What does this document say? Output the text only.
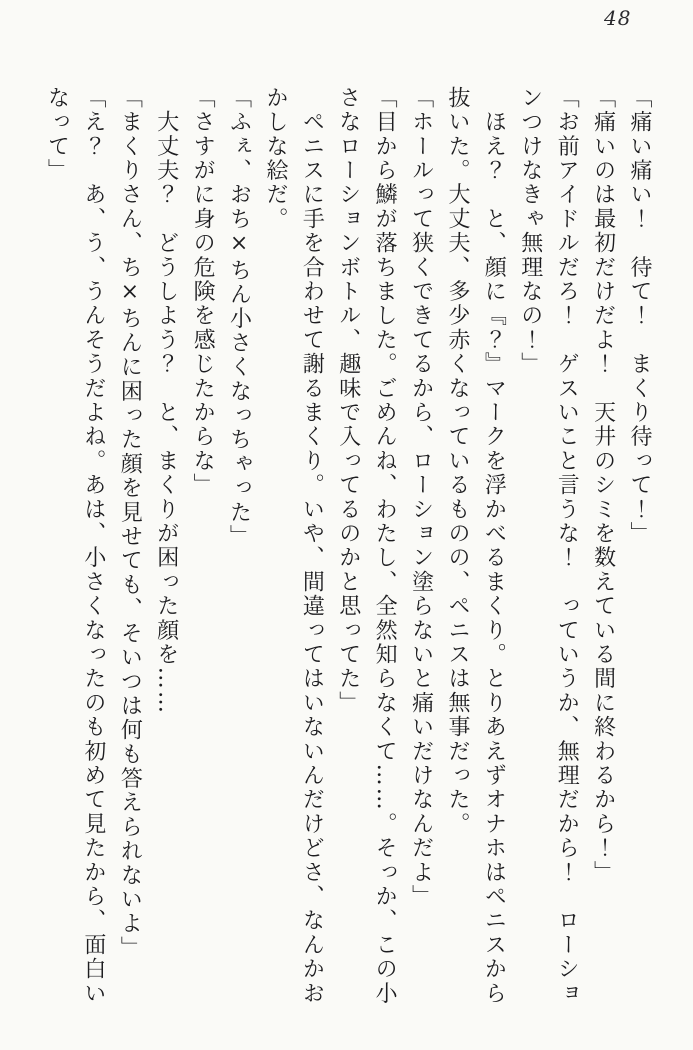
48

「痛い痛い！　待て！　まくり待って！」

「痛いのは最初だけだよ！　天井のシミを数えている間に終わるから！」

「お前アイドルだろ！　ゲスいこと言うな！　っていうか、無理だから！　ローショ

ンつけなきゃ無理なの！」

　ほえ？　と、顔に『？』マークを浮かべるまくり。とりあえずオナホはペニスから

抜いた。大丈夫、多少赤くなっているものの、ペニスは無事だった。

「ホールって狭くできてるから、ローション塗らないと痛いだけなんだよ」

「目から鱗が落ちました。ごめんね、わたし、全然知らなくて……。そっか、この小

さなローションボトル、趣味で入ってるのかと思ってた」

　ペニスに手を合わせて謝るまくり。いや、間違ってはいないんだけどさ、なんかお

かしな絵だ。

「ふぇ、おち×ちん小さくなっちゃった」

「さすがに身の危険を感じたからな」

　大丈夫？　どうしよう？　と、まくりが困った顔を……

「まくりさん、ち×ちんに困った顔を見せても、そいつは何も答えられないよ」

「え？　あ、う、うんそうだよね。あは、小さくなったのも初めて見たから、面白い

なって」
